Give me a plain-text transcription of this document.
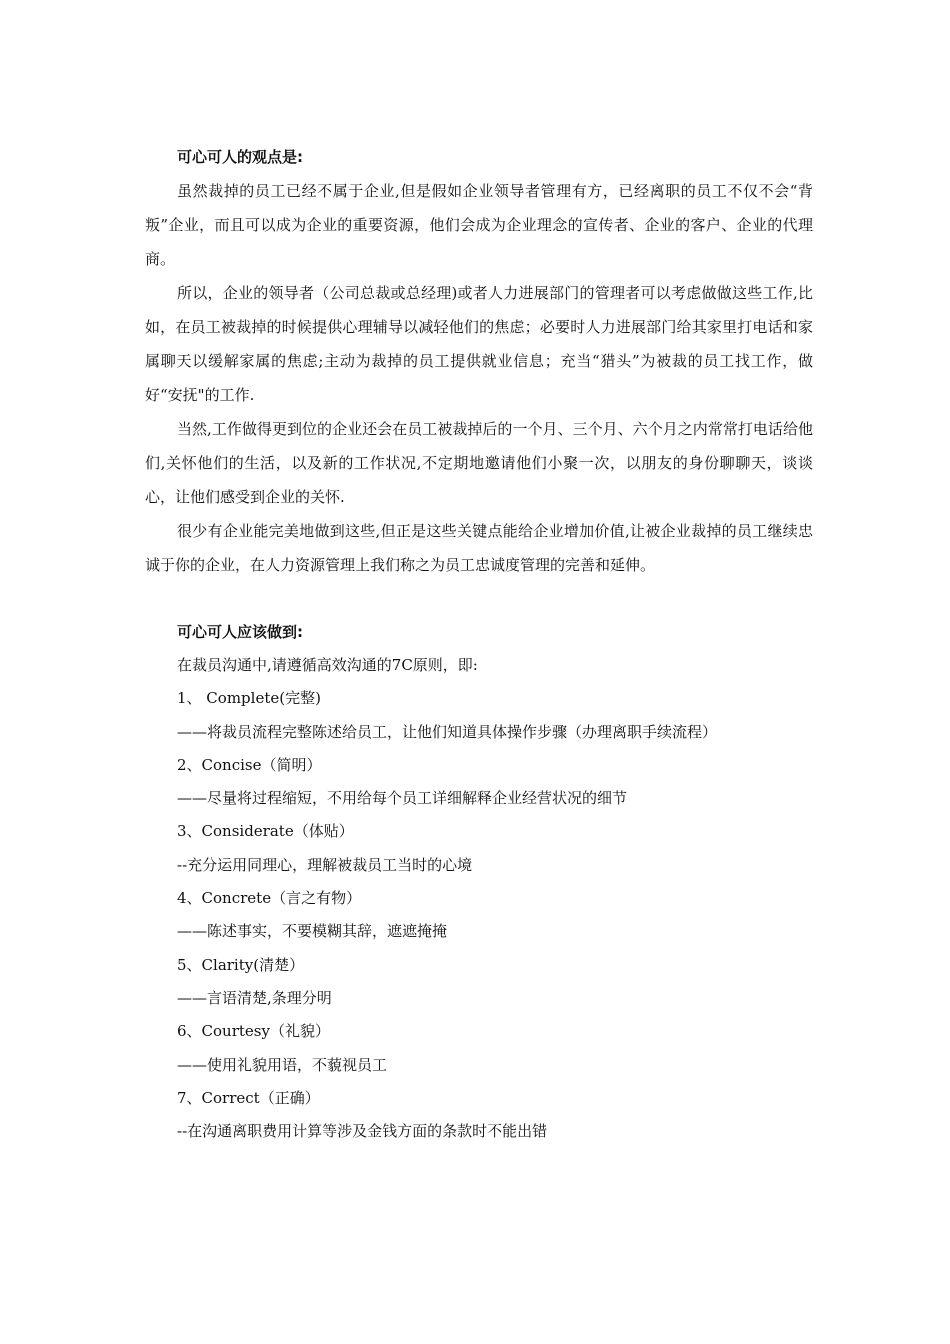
可心可人的观点是:

虽然裁掉的员工已经不属于企业,但是假如企业领导者管理有方，已经离职的员工不仅不会“背叛”企业，而且可以成为企业的重要资源，他们会成为企业理念的宣传者、企业的客户、企业的代理商。

所以，企业的领导者（公司总裁或总经理)或者人力进展部门的管理者可以考虑做做这些工作,比如，在员工被裁掉的时候提供心理辅导以减轻他们的焦虑；必要时人力进展部门给其家里打电话和家属聊天以缓解家属的焦虑;主动为裁掉的员工提供就业信息；充当“猎头”为被裁的员工找工作，做好“安抚"的工作.

当然,工作做得更到位的企业还会在员工被裁掉后的一个月、三个月、六个月之内常常打电话给他们,关怀他们的生活，以及新的工作状况,不定期地邀请他们小聚一次，以朋友的身份聊聊天，谈谈心，让他们感受到企业的关怀.

很少有企业能完美地做到这些,但正是这些关键点能给企业增加价值,让被企业裁掉的员工继续忠诚于你的企业，在人力资源管理上我们称之为员工忠诚度管理的完善和延伸。

可心可人应该做到:

在裁员沟通中,请遵循高效沟通的7C原则，即:

1、 Complete(完整)

——将裁员流程完整陈述给员工，让他们知道具体操作步骤（办理离职手续流程）

2、Concise（简明）

——尽量将过程缩短，不用给每个员工详细解释企业经营状况的细节

3、Considerate（体贴）

--充分运用同理心，理解被裁员工当时的心境

4、Concrete（言之有物）

——陈述事实，不要模糊其辞，遮遮掩掩

5、Clarity(清楚）

——言语清楚,条理分明

6、Courtesy（礼貌）

——使用礼貌用语，不藐视员工

7、Correct（正确）

--在沟通离职费用计算等涉及金钱方面的条款时不能出错
